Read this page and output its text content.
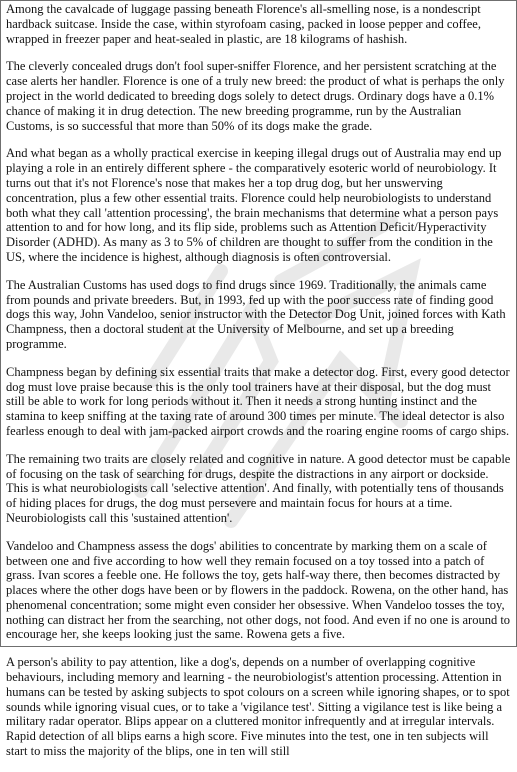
Among the cavalcade of luggage passing beneath Florence's all-smelling nose, is a nondescript hardback suitcase. Inside the case, within styrofoam casing, packed in loose pepper and coffee, wrapped in freezer paper and heat-sealed in plastic, are 18 kilograms of hashish.

The cleverly concealed drugs don't fool super-sniffer Florence, and her persistent scratching at the case alerts her handler. Florence is one of a truly new breed: the product of what is perhaps the only project in the world dedicated to breeding dogs solely to detect drugs. Ordinary dogs have a 0.1% chance of making it in drug detection. The new breeding programme, run by the Australian Customs, is so successful that more than 50% of its dogs make the grade.

And what began as a wholly practical exercise in keeping illegal drugs out of Australia may end up playing a role in an entirely different sphere - the comparatively esoteric world of neurobiology. It turns out that it's not Florence's nose that makes her a top drug dog, but her unswerving concentration, plus a few other essential traits. Florence could help neurobiologists to understand both what they call 'attention processing', the brain mechanisms that determine what a person pays attention to and for how long, and its flip side, problems such as Attention Deficit/Hyperactivity Disorder (ADHD). As many as 3 to 5% of children are thought to suffer from the condition in the US, where the incidence is highest, although diagnosis is often controversial.

The Australian Customs has used dogs to find drugs since 1969. Traditionally, the animals came from pounds and private breeders. But, in 1993, fed up with the poor success rate of finding good dogs this way, John Vandeloo, senior instructor with the Detector Dog Unit, joined forces with Kath Champness, then a doctoral student at the University of Melbourne, and set up a breeding programme.

Champness began by defining six essential traits that make a detector dog. First, every good detector dog must love praise because this is the only tool trainers have at their disposal, but the dog must still be able to work for long periods without it. Then it needs a strong hunting instinct and the stamina to keep sniffing at the taxing rate of around 300 times per minute. The ideal detector is also fearless enough to deal with jam-packed airport crowds and the roaring engine rooms of cargo ships.

The remaining two traits are closely related and cognitive in nature. A good detector must be capable of focusing on the task of searching for drugs, despite the distractions in any airport or dockside. This is what neurobiologists call 'selective attention'. And finally, with potentially tens of thousands of hiding places for drugs, the dog must persevere and maintain focus for hours at a time. Neurobiologists call this 'sustained attention'.

Vandeloo and Champness assess the dogs' abilities to concentrate by marking them on a scale of between one and five according to how well they remain focused on a toy tossed into a patch of grass. Ivan scores a feeble one. He follows the toy, gets half-way there, then becomes distracted by places where the other dogs have been or by flowers in the paddock. Rowena, on the other hand, has phenomenal concentration; some might even consider her obsessive. When Vandeloo tosses the toy, nothing can distract her from the searching, not other dogs, not food. And even if no one is around to encourage her, she keeps looking just the same. Rowena gets a five.

A person's ability to pay attention, like a dog's, depends on a number of overlapping cognitive behaviours, including memory and learning - the neurobiologist's attention processing. Attention in humans can be tested by asking subjects to spot colours on a screen while ignoring shapes, or to spot sounds while ignoring visual cues, or to take a 'vigilance test'. Sitting a vigilance test is like being a military radar operator. Blips appear on a cluttered monitor infrequently and at irregular intervals. Rapid detection of all blips earns a high score. Five minutes into the test, one in ten subjects will start to miss the majority of the blips, one in ten will still
